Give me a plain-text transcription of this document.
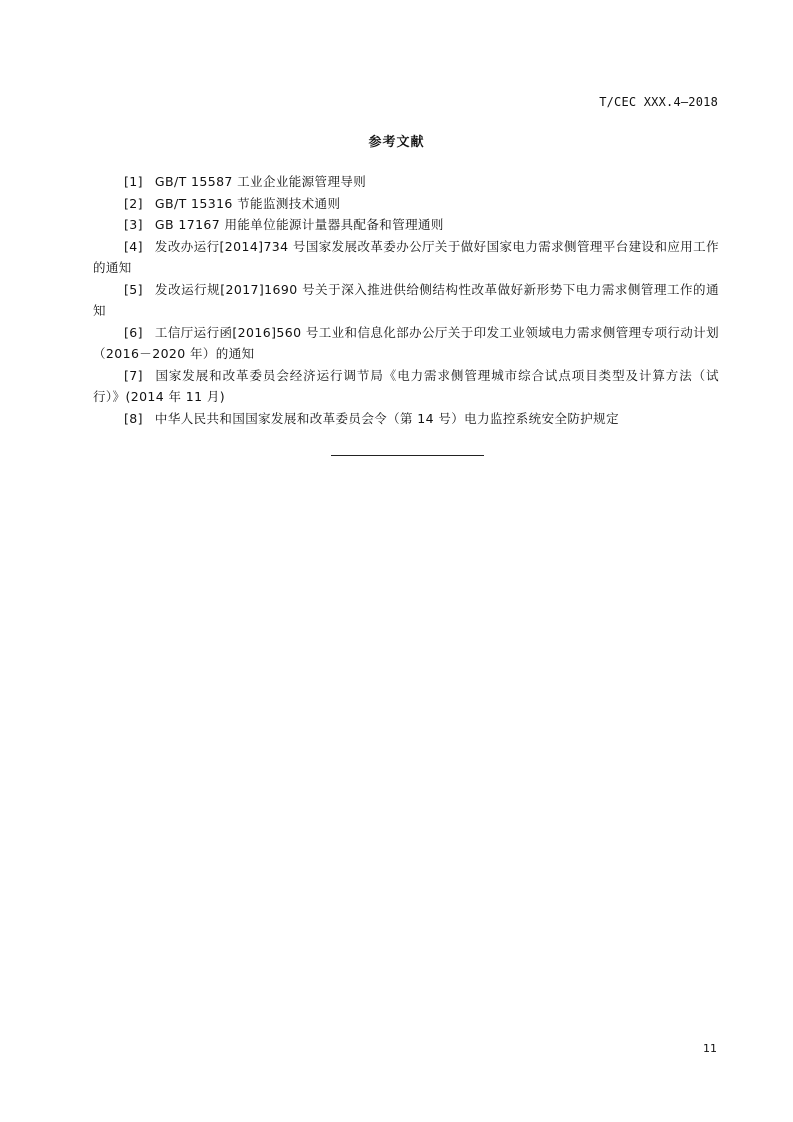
T/CEC XXX.4—2018
参考文献

[1] GB/T 15587 工业企业能源管理导则

[2] GB/T 15316 节能监测技术通则

[3] GB 17167 用能单位能源计量器具配备和管理通则

[4] 发改办运行[2014]734 号国家发展改革委办公厅关于做好国家电力需求侧管理平台建设和应用工作的通知

[5] 发改运行规[2017]1690 号关于深入推进供给侧结构性改革做好新形势下电力需求侧管理工作的通知

[6] 工信厅运行函[2016]560 号工业和信息化部办公厅关于印发工业领域电力需求侧管理专项行动计划（2016－2020 年）的通知

[7] 国家发展和改革委员会经济运行调节局《电力需求侧管理城市综合试点项目类型及计算方法（试行）》(2014 年 11 月)

[8] 中华人民共和国国家发展和改革委员会令（第 14 号）电力监控系统安全防护规定

11
